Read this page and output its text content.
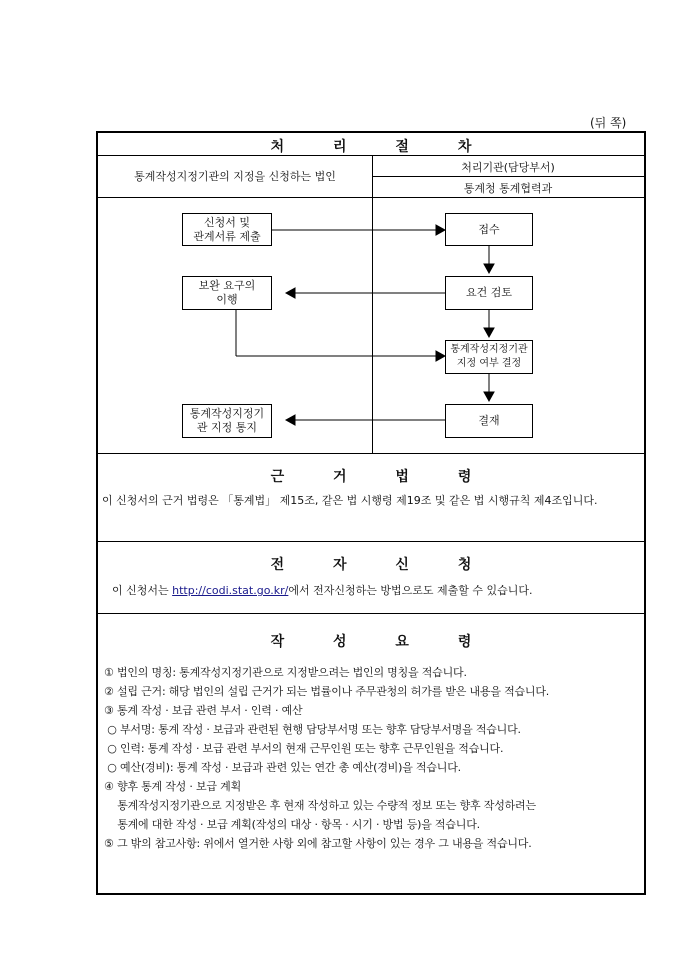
(뒤 쪽)
처 리 절 차
통계작성지정기관의 지정을 신청하는 법인
처리기관(담당부서)
통계청 통계협력과
신청서 및
관계서류 제출
접수
보완 요구의
이행
요건 검토
통계작성지정기관
지정 여부 결정
통계작성지정기
관 지정 통지
결재
근 거 법 령
이 신청서의 근거 법령은 「통계법」 제15조, 같은 법 시행령 제19조 및 같은 법 시행규칙 제4조입니다.
전 자 신 청
이 신청서는 http://codi.stat.go.kr/에서 전자신청하는 방법으로도 제출할 수 있습니다.
작 성 요 령
① 법인의 명칭: 통계작성지정기관으로 지정받으려는 법인의 명칭을 적습니다.
② 설립 근거: 해당 법인의 설립 근거가 되는 법률이나 주무관청의 허가를 받은 내용을 적습니다.
③ 통계 작성 · 보급 관련 부서 · 인력 · 예산
○ 부서명: 통계 작성 · 보급과 관련된 현행 담당부서명 또는 향후 담당부서명을 적습니다.
○ 인력: 통계 작성 · 보급 관련 부서의 현재 근무인원 또는 향후 근무인원을 적습니다.
○ 예산(경비): 통계 작성 · 보급과 관련 있는 연간 총 예산(경비)을 적습니다.
④ 향후 통계 작성 · 보급 계획
통계작성지정기관으로 지정받은 후 현재 작성하고 있는 수량적 정보 또는 향후 작성하려는
통계에 대한 작성 · 보급 계획(작성의 대상 · 항목 · 시기 · 방법 등)을 적습니다.
⑤ 그 밖의 참고사항: 위에서 열거한 사항 외에 참고할 사항이 있는 경우 그 내용을 적습니다.
